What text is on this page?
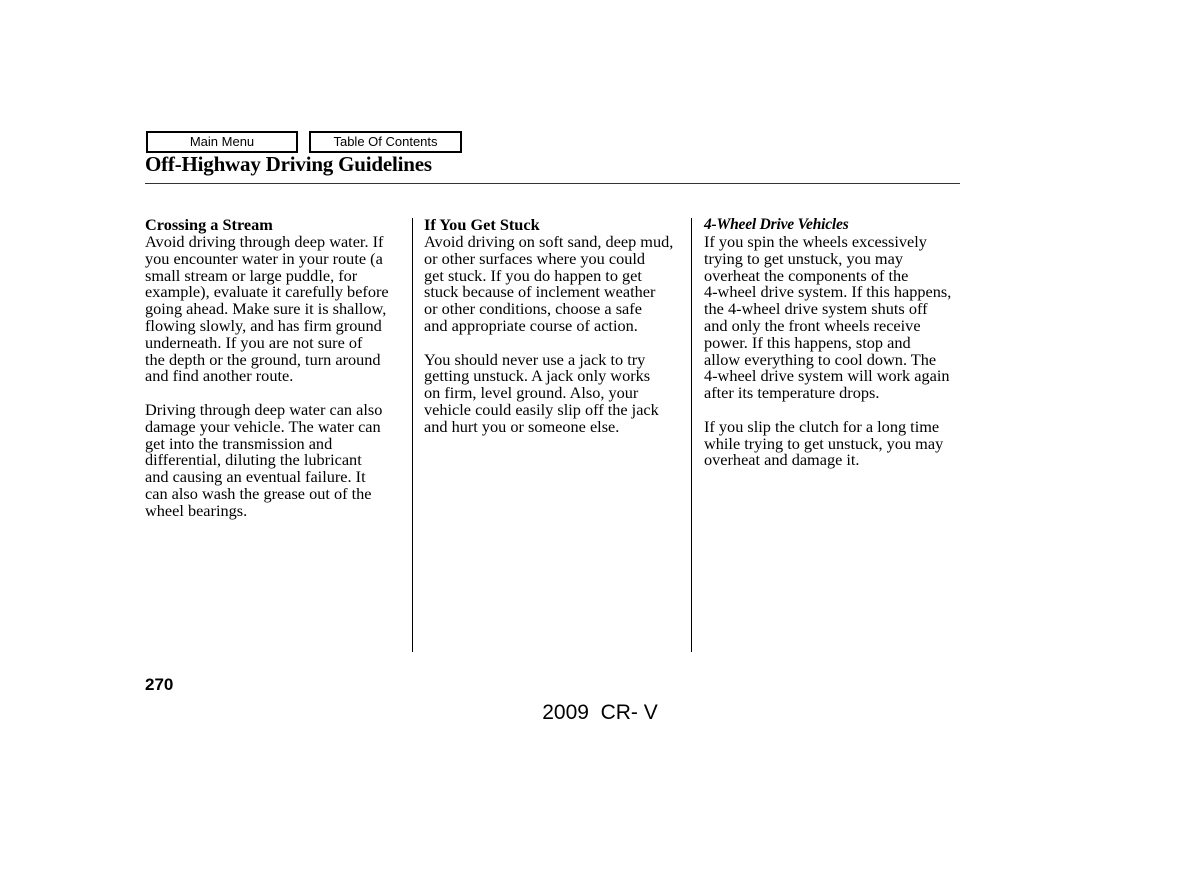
Main Menu	Table Of Contents
Off-Highway Driving Guidelines
Crossing a Stream

Avoid driving through deep water. If
you encounter water in your route (a
small stream or large puddle, for
example), evaluate it carefully before
going ahead. Make sure it is shallow,
flowing slowly, and has firm ground
underneath. If you are not sure of
the depth or the ground, turn around
and find another route.

Driving through deep water can also
damage your vehicle. The water can
get into the transmission and
differential, diluting the lubricant
and causing an eventual failure. It
can also wash the grease out of the
wheel bearings.

If You Get Stuck

Avoid driving on soft sand, deep mud,
or other surfaces where you could
get stuck. If you do happen to get
stuck because of inclement weather
or other conditions, choose a safe
and appropriate course of action.

You should never use a jack to try
getting unstuck. A jack only works
on firm, level ground. Also, your
vehicle could easily slip off the jack
and hurt you or someone else.

4-Wheel Drive Vehicles

If you spin the wheels excessively
trying to get unstuck, you may
overheat the components of the
4-wheel drive system. If this happens,
the 4-wheel drive system shuts off
and only the front wheels receive
power. If this happens, stop and
allow everything to cool down. The
4-wheel drive system will work again
after its temperature drops.

If you slip the clutch for a long time
while trying to get unstuck, you may
overheat and damage it.

270
2009  CR- V
